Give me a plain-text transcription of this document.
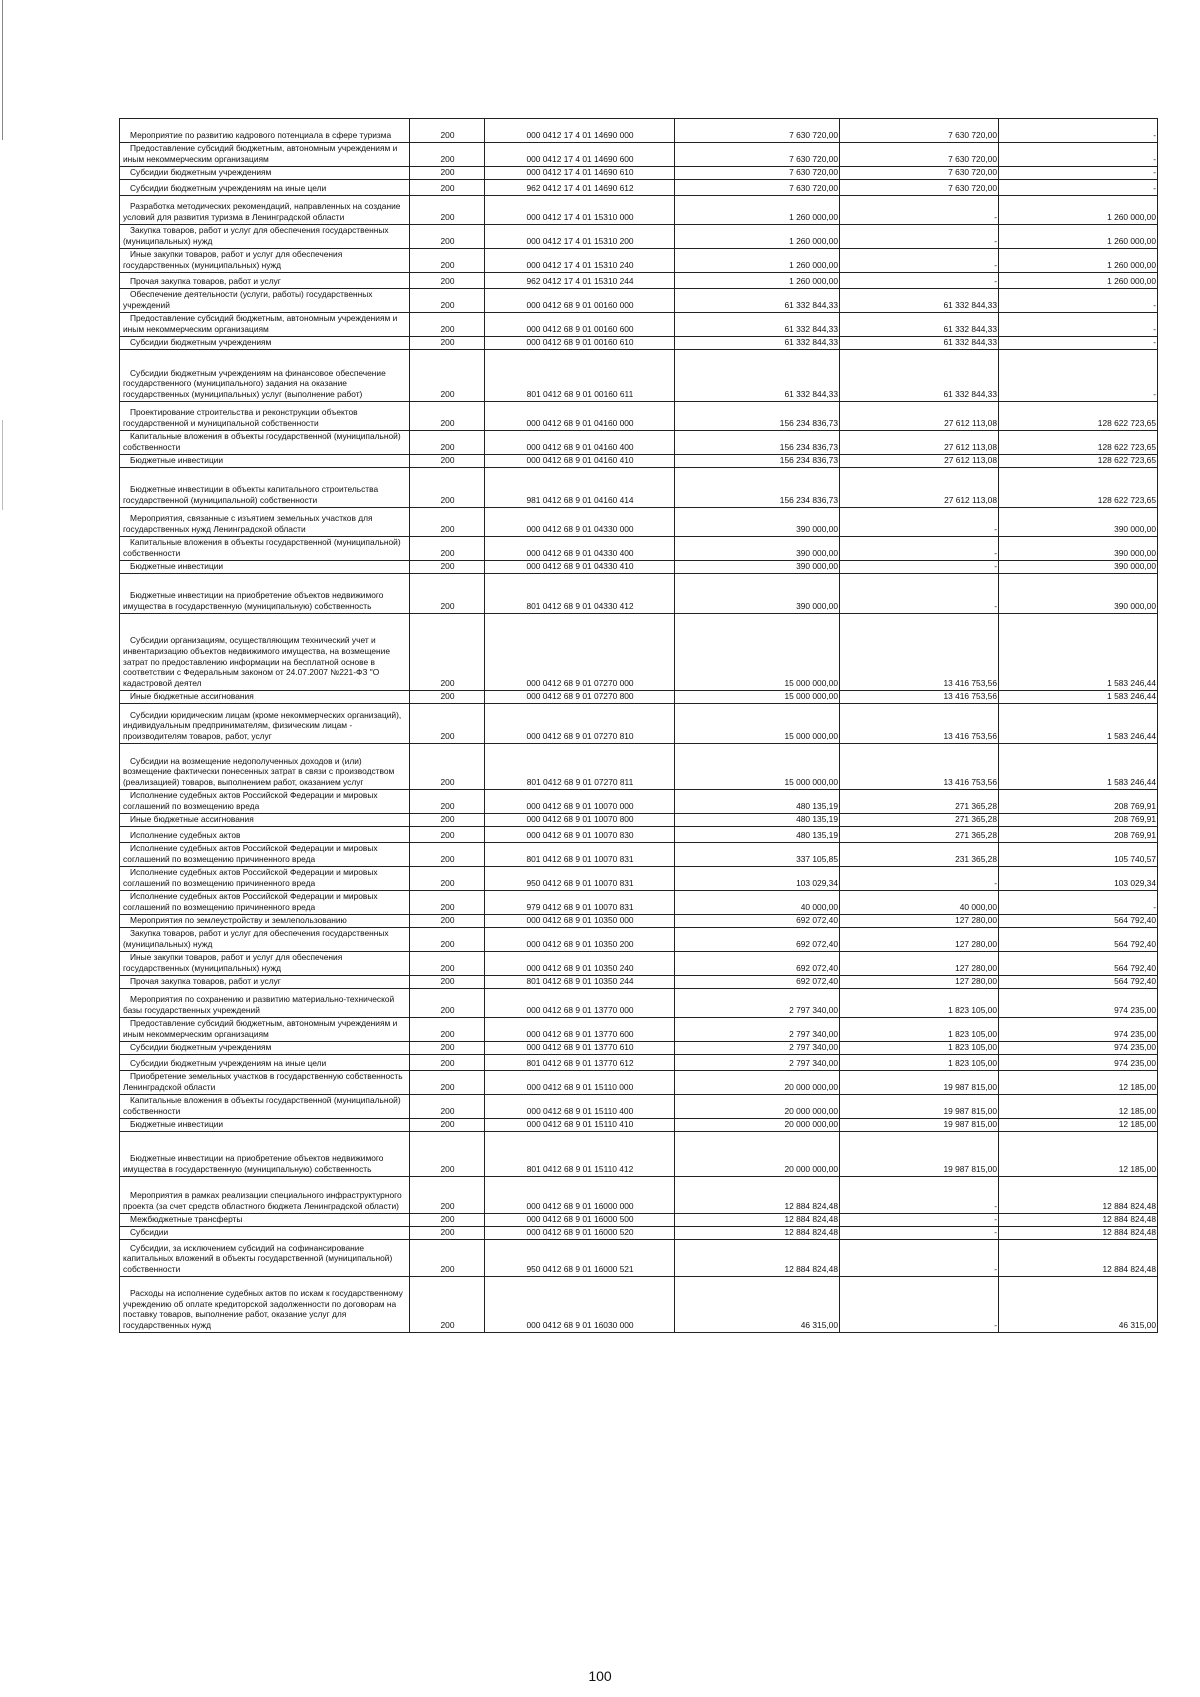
Мероприятие по развитию кадрового потенциала в сфере туризма	200	000 0412 17 4 01 14690 000	7 630 720,00	7 630 720,00	-
Предоставление субсидий бюджетным, автономным учреждениям и иным некоммерческим организациям	200	000 0412 17 4 01 14690 600	7 630 720,00	7 630 720,00	-
Субсидии бюджетным учреждениям	200	000 0412 17 4 01 14690 610	7 630 720,00	7 630 720,00	-
Субсидии бюджетным учреждениям на иные цели	200	962 0412 17 4 01 14690 612	7 630 720,00	7 630 720,00	-
Разработка методических рекомендаций, направленных на создание условий для развития туризма в Ленинградской области	200	000 0412 17 4 01 15310 000	1 260 000,00	-	1 260 000,00
Закупка товаров, работ и услуг для обеспечения государственных (муниципальных) нужд	200	000 0412 17 4 01 15310 200	1 260 000,00	-	1 260 000,00
Иные закупки товаров, работ и услуг для обеспечения государственных (муниципальных) нужд	200	000 0412 17 4 01 15310 240	1 260 000,00	-	1 260 000,00
Прочая закупка товаров, работ и услуг	200	962 0412 17 4 01 15310 244	1 260 000,00	-	1 260 000,00
Обеспечение деятельности (услуги, работы) государственных учреждений	200	000 0412 68 9 01 00160 000	61 332 844,33	61 332 844,33	-
Предоставление субсидий бюджетным, автономным учреждениям и иным некоммерческим организациям	200	000 0412 68 9 01 00160 600	61 332 844,33	61 332 844,33	-
Субсидии бюджетным учреждениям	200	000 0412 68 9 01 00160 610	61 332 844,33	61 332 844,33	-
Субсидии бюджетным учреждениям на финансовое обеспечение государственного (муниципального) задания на оказание государственных (муниципальных) услуг (выполнение работ)	200	801 0412 68 9 01 00160 611	61 332 844,33	61 332 844,33	-
Проектирование строительства и реконструкции объектов государственной и муниципальной собственности	200	000 0412 68 9 01 04160 000	156 234 836,73	27 612 113,08	128 622 723,65
Капитальные вложения в объекты государственной (муниципальной) собственности	200	000 0412 68 9 01 04160 400	156 234 836,73	27 612 113,08	128 622 723,65
Бюджетные инвестиции	200	000 0412 68 9 01 04160 410	156 234 836,73	27 612 113,08	128 622 723,65
Бюджетные инвестиции в объекты капитального строительства государственной (муниципальной) собственности	200	981 0412 68 9 01 04160 414	156 234 836,73	27 612 113,08	128 622 723,65
Мероприятия, связанные с изъятием земельных участков для государственных нужд Ленинградской области	200	000 0412 68 9 01 04330 000	390 000,00	-	390 000,00
Капитальные вложения в объекты государственной (муниципальной) собственности	200	000 0412 68 9 01 04330 400	390 000,00	-	390 000,00
Бюджетные инвестиции	200	000 0412 68 9 01 04330 410	390 000,00	-	390 000,00
Бюджетные инвестиции на приобретение объектов недвижимого имущества в государственную (муниципальную) собственность	200	801 0412 68 9 01 04330 412	390 000,00	-	390 000,00
Субсидии организациям, осуществляющим технический учет и инвентаризацию объектов недвижимого имущества, на возмещение затрат по предоставлению информации на бесплатной основе в соответствии с Федеральным законом от 24.07.2007 №221-ФЗ "О кадастровой деятел	200	000 0412 68 9 01 07270 000	15 000 000,00	13 416 753,56	1 583 246,44
Иные бюджетные ассигнования	200	000 0412 68 9 01 07270 800	15 000 000,00	13 416 753,56	1 583 246,44
Субсидии юридическим лицам (кроме некоммерческих организаций), индивидуальным предпринимателям, физическим лицам - производителям товаров, работ, услуг	200	000 0412 68 9 01 07270 810	15 000 000,00	13 416 753,56	1 583 246,44
Субсидии на возмещение недополученных доходов и (или) возмещение фактически понесенных затрат в связи с производством (реализацией) товаров, выполнением работ, оказанием услуг	200	801 0412 68 9 01 07270 811	15 000 000,00	13 416 753,56	1 583 246,44
Исполнение судебных актов Российской Федерации и мировых соглашений по возмещению вреда	200	000 0412 68 9 01 10070 000	480 135,19	271 365,28	208 769,91
Иные бюджетные ассигнования	200	000 0412 68 9 01 10070 800	480 135,19	271 365,28	208 769,91
Исполнение судебных актов	200	000 0412 68 9 01 10070 830	480 135,19	271 365,28	208 769,91
Исполнение судебных актов Российской Федерации и мировых соглашений по возмещению причиненного вреда	200	801 0412 68 9 01 10070 831	337 105,85	231 365,28	105 740,57
Исполнение судебных актов Российской Федерации и мировых соглашений по возмещению причиненного вреда	200	950 0412 68 9 01 10070 831	103 029,34	-	103 029,34
Исполнение судебных актов Российской Федерации и мировых соглашений по возмещению причиненного вреда	200	979 0412 68 9 01 10070 831	40 000,00	40 000,00	-
Мероприятия по землеустройству и землепользованию	200	000 0412 68 9 01 10350 000	692 072,40	127 280,00	564 792,40
Закупка товаров, работ и услуг для обеспечения государственных (муниципальных) нужд	200	000 0412 68 9 01 10350 200	692 072,40	127 280,00	564 792,40
Иные закупки товаров, работ и услуг для обеспечения государственных (муниципальных) нужд	200	000 0412 68 9 01 10350 240	692 072,40	127 280,00	564 792,40
Прочая закупка товаров, работ и услуг	200	801 0412 68 9 01 10350 244	692 072,40	127 280,00	564 792,40
Мероприятия по сохранению и развитию материально-технической базы государственных учреждений	200	000 0412 68 9 01 13770 000	2 797 340,00	1 823 105,00	974 235,00
Предоставление субсидий бюджетным, автономным учреждениям и иным некоммерческим организациям	200	000 0412 68 9 01 13770 600	2 797 340,00	1 823 105,00	974 235,00
Субсидии бюджетным учреждениям	200	000 0412 68 9 01 13770 610	2 797 340,00	1 823 105,00	974 235,00
Субсидии бюджетным учреждениям на иные цели	200	801 0412 68 9 01 13770 612	2 797 340,00	1 823 105,00	974 235,00
Приобретение земельных участков в государственную собственность Ленинградской области	200	000 0412 68 9 01 15110 000	20 000 000,00	19 987 815,00	12 185,00
Капитальные вложения в объекты государственной (муниципальной) собственности	200	000 0412 68 9 01 15110 400	20 000 000,00	19 987 815,00	12 185,00
Бюджетные инвестиции	200	000 0412 68 9 01 15110 410	20 000 000,00	19 987 815,00	12 185,00
Бюджетные инвестиции на приобретение объектов недвижимого имущества в государственную (муниципальную) собственность	200	801 0412 68 9 01 15110 412	20 000 000,00	19 987 815,00	12 185,00
Мероприятия в рамках реализации специального инфраструктурного проекта (за счет средств областного бюджета Ленинградской области)	200	000 0412 68 9 01 16000 000	12 884 824,48	-	12 884 824,48
Межбюджетные трансферты	200	000 0412 68 9 01 16000 500	12 884 824,48	-	12 884 824,48
Субсидии	200	000 0412 68 9 01 16000 520	12 884 824,48	-	12 884 824,48
Субсидии, за исключением субсидий на софинансирование капитальных вложений в объекты государственной (муниципальной) собственности	200	950 0412 68 9 01 16000 521	12 884 824,48	-	12 884 824,48
Расходы на исполнение судебных актов по искам к государственному учреждению об оплате кредиторской задолженности по договорам на поставку товаров, выполнение работ, оказание услуг для государственных нужд	200	000 0412 68 9 01 16030 000	46 315,00	-	46 315,00
100
